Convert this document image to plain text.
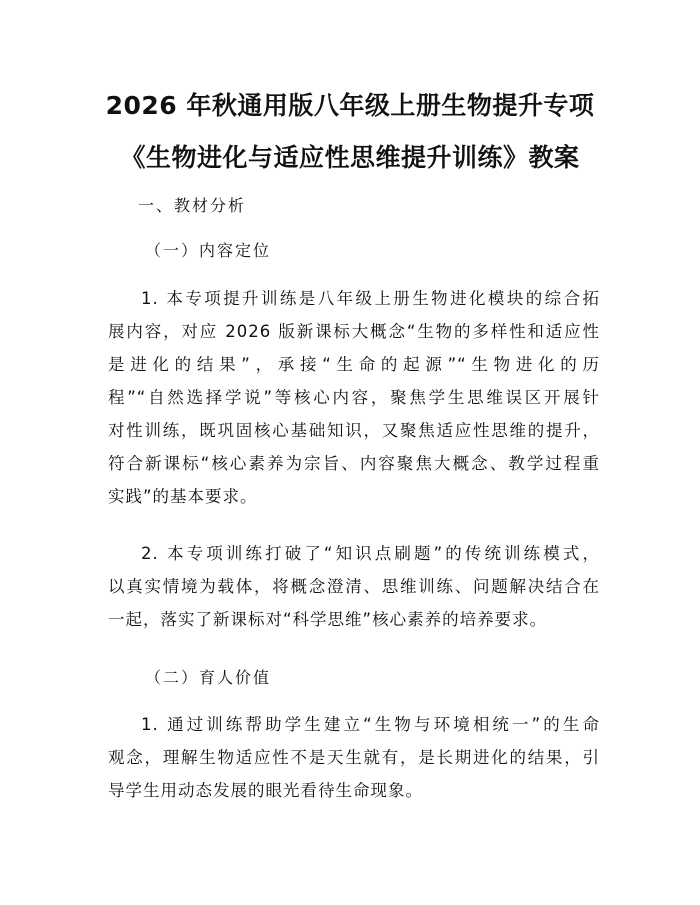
2026 年秋通用版八年级上册生物提升专项
《生物进化与适应性思维提升训练》教案
一、教材分析
（一）内容定位
1. 本专项提升训练是八年级上册生物进化模块的综合拓
展内容，对应 2026 版新课标大概念“生物的多样性和适应性
是进化的结果”，承接“生命的起源”“生物进化的历
程”“自然选择学说”等核心内容，聚焦学生思维误区开展针
对性训练，既巩固核心基础知识，又聚焦适应性思维的提升，
符合新课标“核心素养为宗旨、内容聚焦大概念、教学过程重
实践”的基本要求。
2. 本专项训练打破了“知识点刷题”的传统训练模式，
以真实情境为载体，将概念澄清、思维训练、问题解决结合在
一起，落实了新课标对“科学思维”核心素养的培养要求。
（二）育人价值
1. 通过训练帮助学生建立“生物与环境相统一”的生命
观念，理解生物适应性不是天生就有，是长期进化的结果，引
导学生用动态发展的眼光看待生命现象。
